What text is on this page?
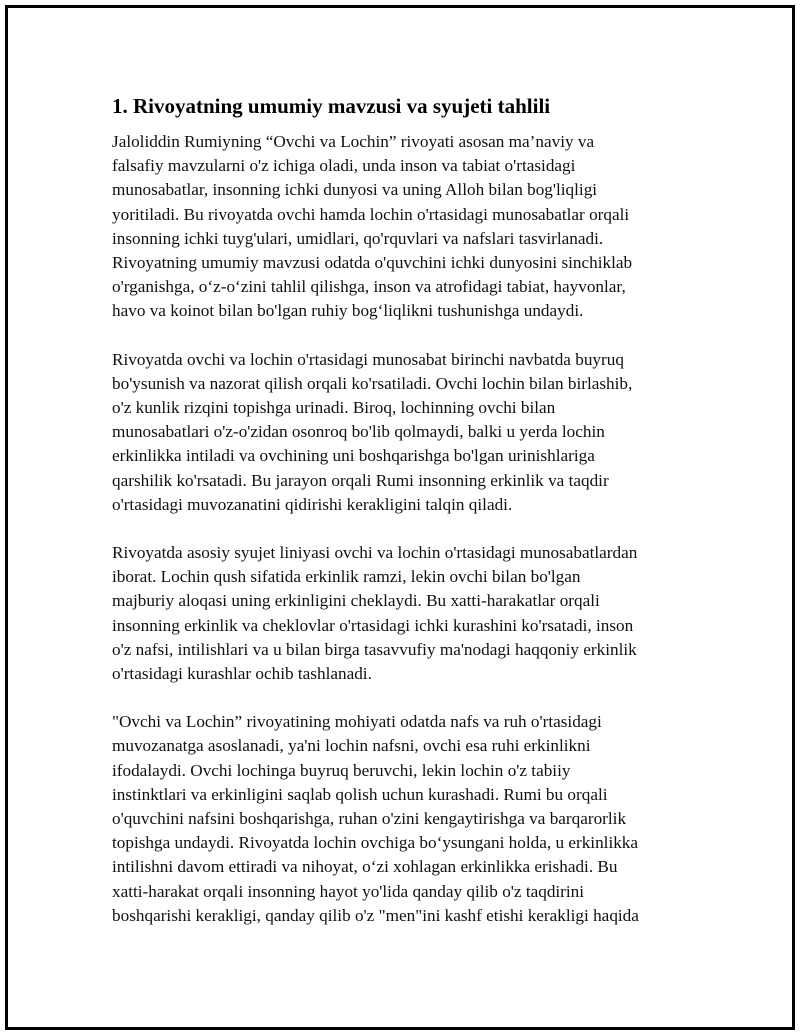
1. Rivoyatning umumiy mavzusi va syujeti tahlili

Jaloliddin Rumiyning “Ovchi va Lochin” rivoyati asosan ma’naviy va
falsafiy mavzularni o'z ichiga oladi, unda inson va tabiat o'rtasidagi
munosabatlar, insonning ichki dunyosi va uning Alloh bilan bog'liqligi
yoritiladi. Bu rivoyatda ovchi hamda lochin o'rtasidagi munosabatlar orqali
insonning ichki tuyg'ulari, umidlari, qo'rquvlari va nafslari tasvirlanadi.
Rivoyatning umumiy mavzusi odatda o'quvchini ichki dunyosini sinchiklab
o'rganishga, o‘z-o‘zini tahlil qilishga, inson va atrofidagi tabiat, hayvonlar,
havo va koinot bilan bo'lgan ruhiy bog‘liqlikni tushunishga undaydi.

Rivoyatda ovchi va lochin o'rtasidagi munosabat birinchi navbatda buyruq
bo'ysunish va nazorat qilish orqali ko'rsatiladi. Ovchi lochin bilan birlashib,
o'z kunlik rizqini topishga urinadi. Biroq, lochinning ovchi bilan
munosabatlari o'z-o'zidan osonroq bo'lib qolmaydi, balki u yerda lochin
erkinlikka intiladi va ovchining uni boshqarishga bo'lgan urinishlariga
qarshilik ko'rsatadi. Bu jarayon orqali Rumi insonning erkinlik va taqdir
o'rtasidagi muvozanatini qidirishi kerakligini talqin qiladi.

Rivoyatda asosiy syujet liniyasi ovchi va lochin o'rtasidagi munosabatlardan
iborat. Lochin qush sifatida erkinlik ramzi, lekin ovchi bilan bo'lgan
majburiy aloqasi uning erkinligini cheklaydi. Bu xatti-harakatlar orqali
insonning erkinlik va cheklovlar o'rtasidagi ichki kurashini ko'rsatadi, inson
o'z nafsi, intilishlari va u bilan birga tasavvufiy ma'nodagi haqqoniy erkinlik
o'rtasidagi kurashlar ochib tashlanadi.

"Ovchi va Lochin” rivoyatining mohiyati odatda nafs va ruh o'rtasidagi
muvozanatga asoslanadi, ya'ni lochin nafsni, ovchi esa ruhi erkinlikni
ifodalaydi. Ovchi lochinga buyruq beruvchi, lekin lochin o'z tabiiy
instinktlari va erkinligini saqlab qolish uchun kurashadi. Rumi bu orqali
o'quvchini nafsini boshqarishga, ruhan o'zini kengaytirishga va barqarorlik
topishga undaydi. Rivoyatda lochin ovchiga bo‘ysungani holda, u erkinlikka
intilishni davom ettiradi va nihoyat, o‘zi xohlagan erkinlikka erishadi. Bu
xatti-harakat orqali insonning hayot yo'lida qanday qilib o'z taqdirini
boshqarishi kerakligi, qanday qilib o'z "men"ini kashf etishi kerakligi haqida
